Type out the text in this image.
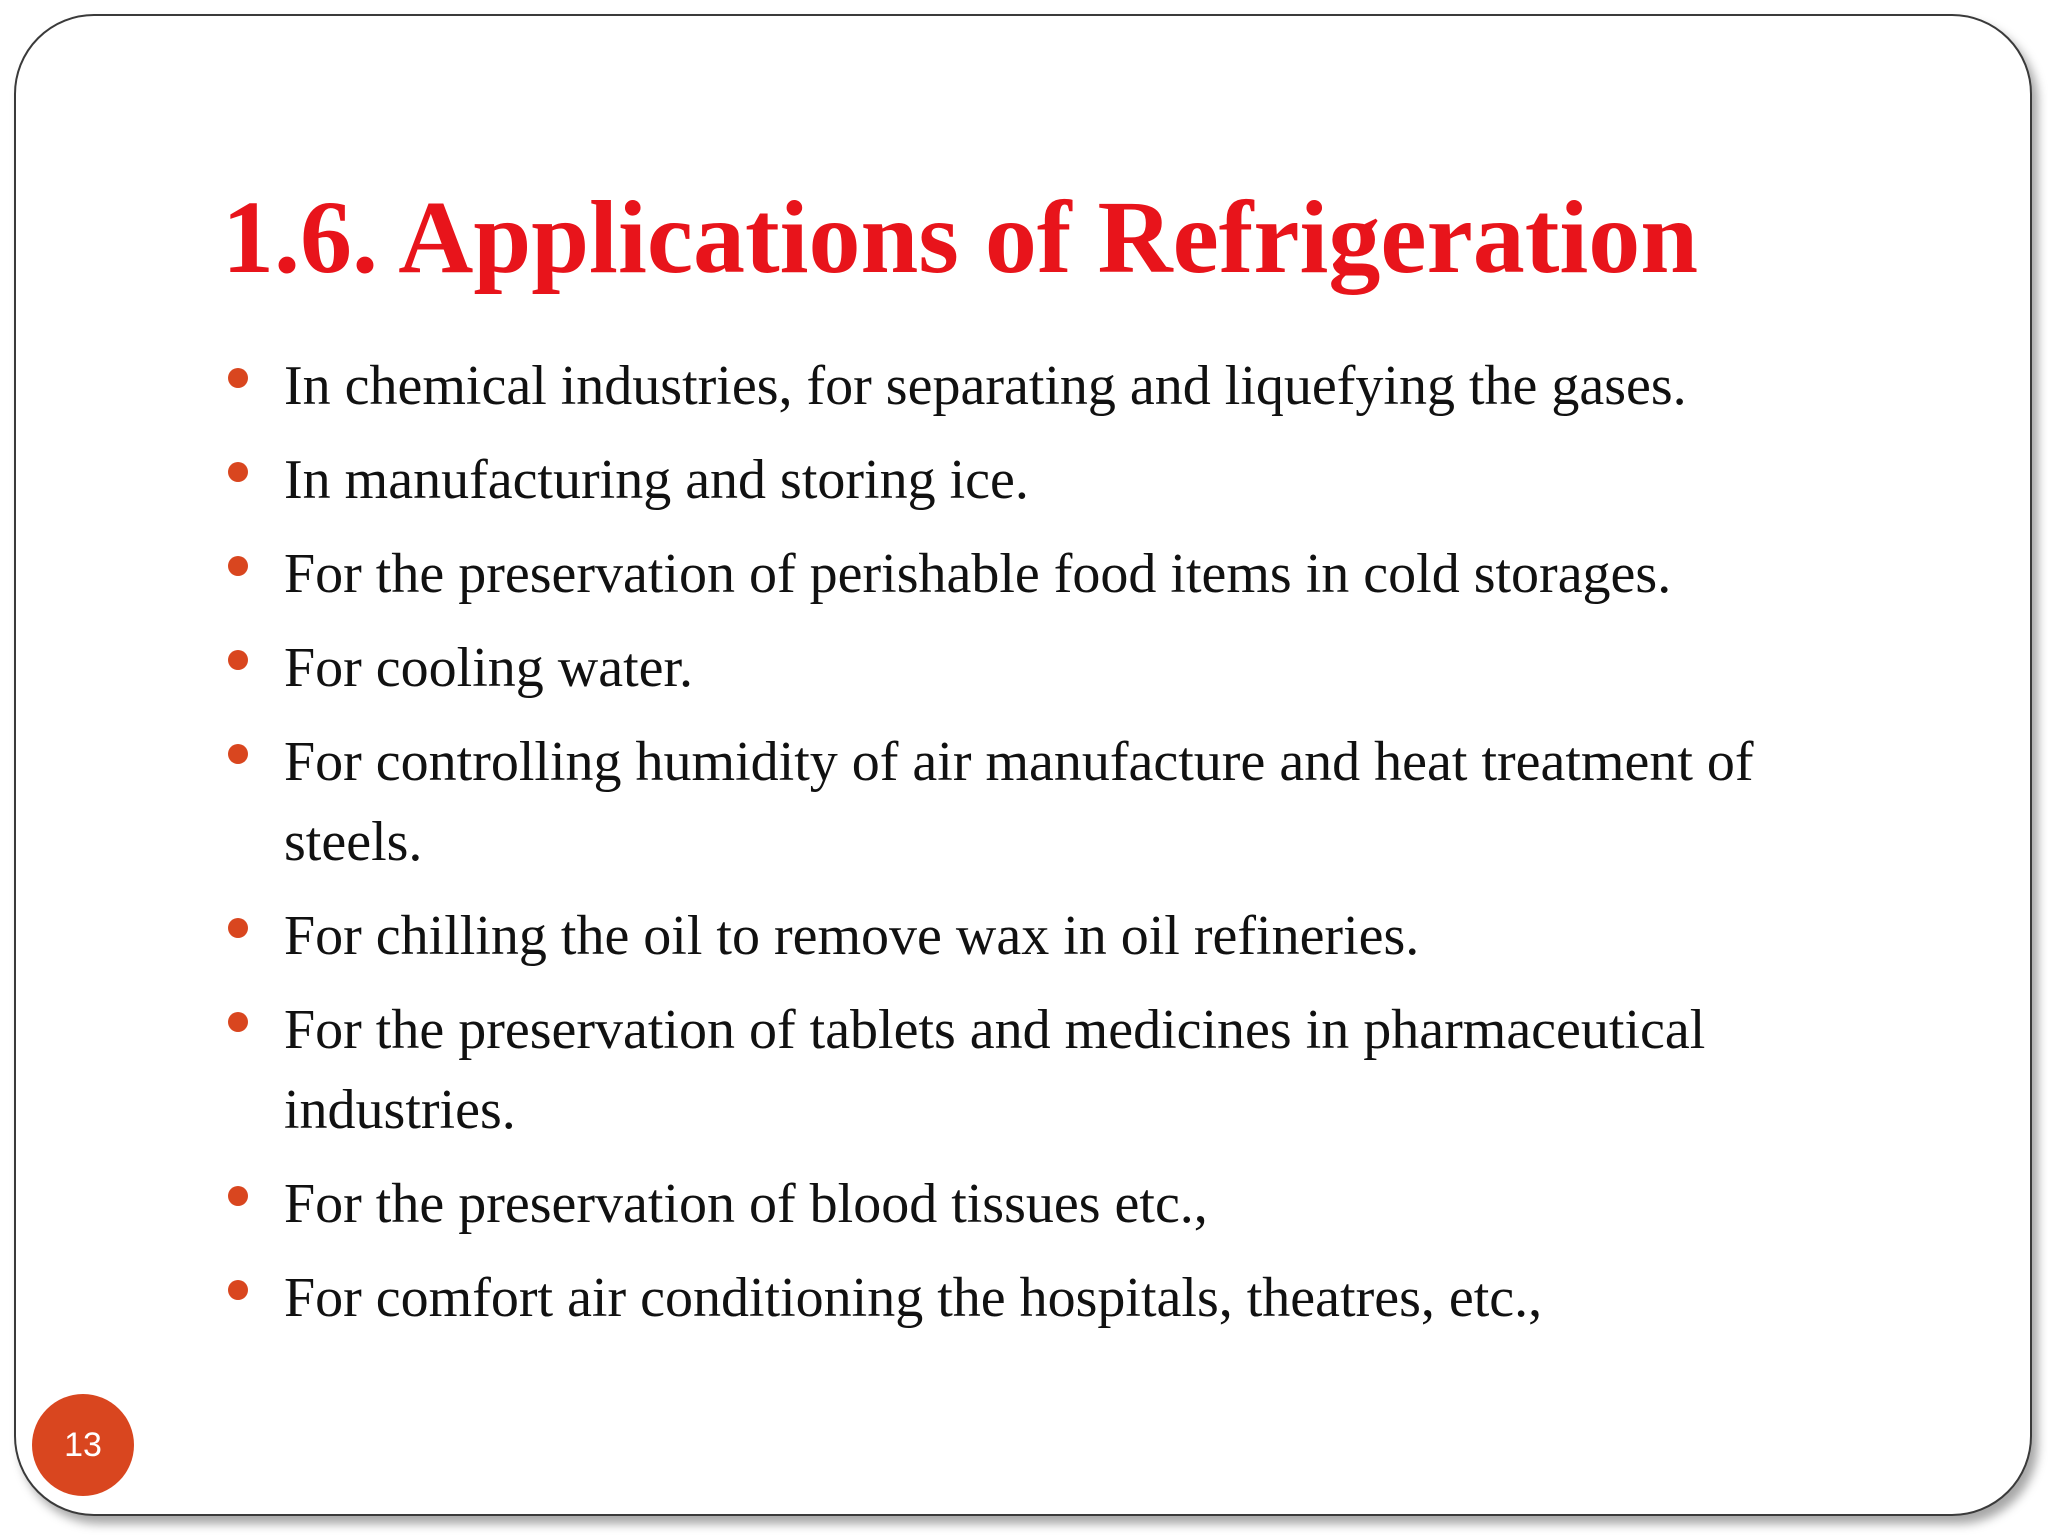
1.6. Applications of Refrigeration
In chemical industries, for separating and liquefying the gases.
In manufacturing and storing ice.
For the preservation of perishable food items in cold storages.
For cooling water.
For controlling humidity of air manufacture and heat treatment of steels.
For chilling the oil to remove wax in oil refineries.
For the preservation of tablets and medicines in pharmaceutical industries.
For the preservation of blood tissues etc.,
For comfort air conditioning the hospitals, theatres, etc.,
13
